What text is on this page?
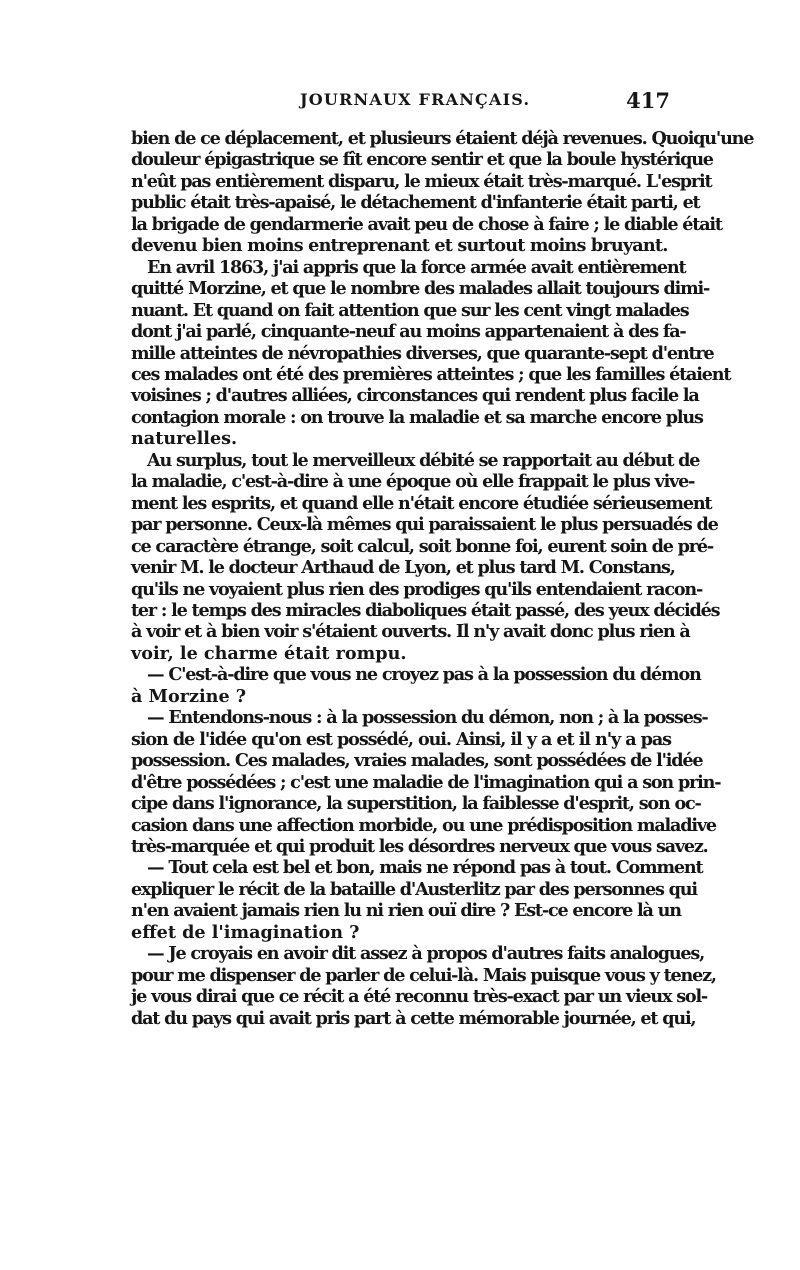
JOURNAUX FRANÇAIS.	417
bien de ce déplacement, et plusieurs étaient déjà revenues. Quoiqu'une
douleur épigastrique se fît encore sentir et que la boule hystérique
n'eût pas entièrement disparu, le mieux était très-marqué. L'esprit
public était très-apaisé, le détachement d'infanterie était parti, et
la brigade de gendarmerie avait peu de chose à faire ; le diable était
devenu bien moins entreprenant et surtout moins bruyant.
En avril 1863, j'ai appris que la force armée avait entièrement
quitté Morzine, et que le nombre des malades allait toujours dimi-
nuant. Et quand on fait attention que sur les cent vingt malades
dont j'ai parlé, cinquante-neuf au moins appartenaient à des fa-
mille atteintes de névropathies diverses, que quarante-sept d'entre
ces malades ont été des premières atteintes ; que les familles étaient
voisines ; d'autres alliées, circonstances qui rendent plus facile la
contagion morale : on trouve la maladie et sa marche encore plus
naturelles.
Au surplus, tout le merveilleux débité se rapportait au début de
la maladie, c'est-à-dire à une époque où elle frappait le plus vive-
ment les esprits, et quand elle n'était encore étudiée sérieusement
par personne. Ceux-là mêmes qui paraissaient le plus persuadés de
ce caractère étrange, soit calcul, soit bonne foi, eurent soin de pré-
venir M. le docteur Arthaud de Lyon, et plus tard M. Constans,
qu'ils ne voyaient plus rien des prodiges qu'ils entendaient racon-
ter : le temps des miracles diaboliques était passé, des yeux décidés
à voir et à bien voir s'étaient ouverts. Il n'y avait donc plus rien à
voir, le charme était rompu.
— C'est-à-dire que vous ne croyez pas à la possession du démon
à Morzine ?
— Entendons-nous : à la possession du démon, non ; à la posses-
sion de l'idée qu'on est possédé, oui. Ainsi, il y a et il n'y a pas
possession. Ces malades, vraies malades, sont possédées de l'idée
d'être possédées ; c'est une maladie de l'imagination qui a son prin-
cipe dans l'ignorance, la superstition, la faiblesse d'esprit, son oc-
casion dans une affection morbide, ou une prédisposition maladive
très-marquée et qui produit les désordres nerveux que vous savez.
— Tout cela est bel et bon, mais ne répond pas à tout. Comment
expliquer le récit de la bataille d'Austerlitz par des personnes qui
n'en avaient jamais rien lu ni rien ouï dire ? Est-ce encore là un
effet de l'imagination ?
— Je croyais en avoir dit assez à propos d'autres faits analogues,
pour me dispenser de parler de celui-là. Mais puisque vous y tenez,
je vous dirai que ce récit a été reconnu très-exact par un vieux sol-
dat du pays qui avait pris part à cette mémorable journée, et qui,
